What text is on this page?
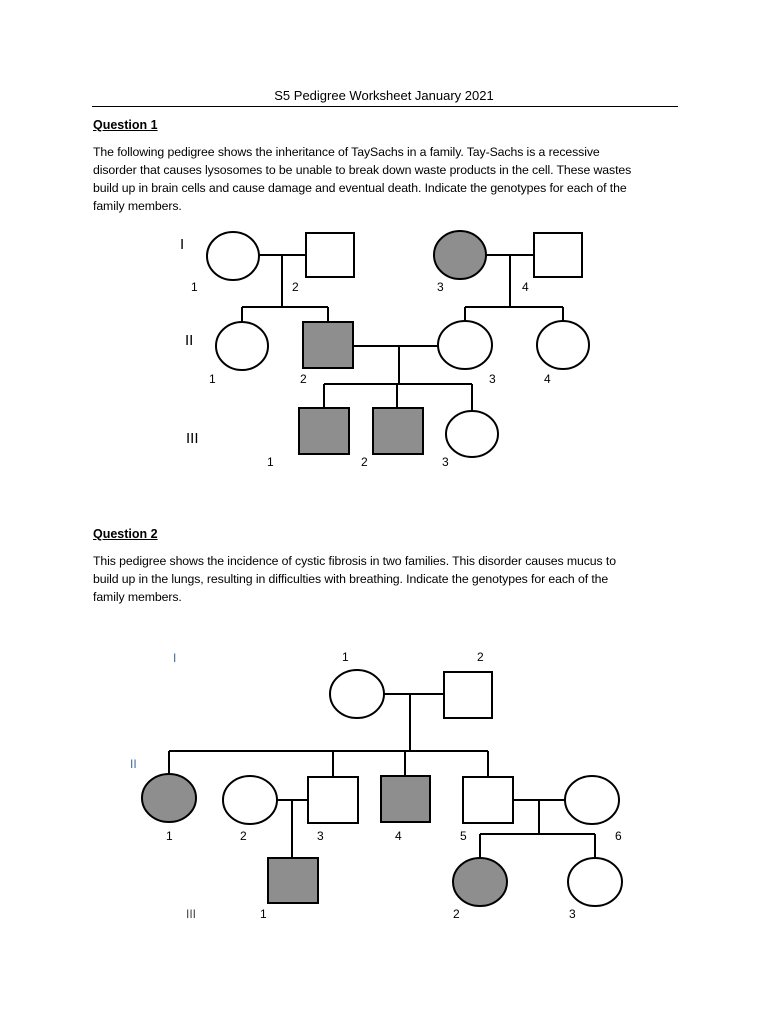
S5 Pedigree Worksheet January 2021
Question 1
The following pedigree shows the inheritance of TaySachs in a family. Tay-Sachs is a recessive
disorder that causes lysosomes to be unable to break down waste products in the cell. These wastes
build up in brain cells and cause damage and eventual death. Indicate the genotypes for each of the
family members.
I
II
III
1	2	3	4
1	2	3	4
1	2	3
Question 2
This pedigree shows the incidence of cystic fibrosis in two families. This disorder causes mucus to
build up in the lungs, resulting in difficulties with breathing. Indicate the genotypes for each of the
family members.
I
II
III
1	2
1	2	3	4	5	6
1	2	3
